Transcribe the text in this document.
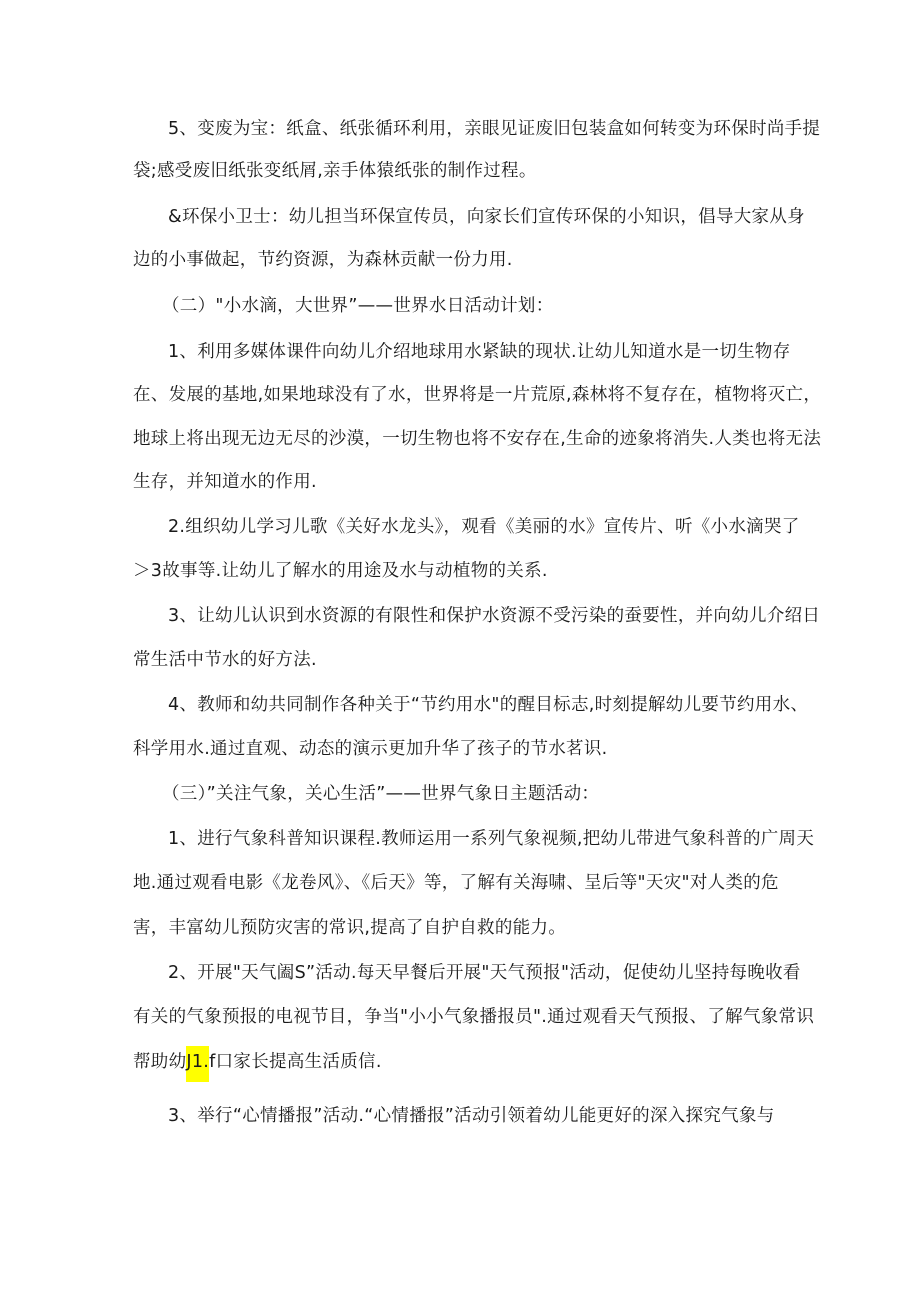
5、变废为宝：纸盒、纸张循环利用，亲眼见证废旧包装盒如何转变为环保时尚手提
袋;感受废旧纸张变纸屑,亲手体猿纸张的制作过程。
&环保小卫士：幼儿担当环保宣传员，向家长们宣传环保的小知识，倡导大家从身
边的小事做起，节约资源，为森林贡献一份力用.
（二）"小水滴，大世界”——世界水日活动计划：
1、利用多媒体课件向幼儿介绍地球用水紧缺的现状.让幼儿知道水是一切生物存
在、发展的基地,如果地球没有了水，世界将是一片荒原,森林将不复存在，植物将灭亡，
地球上将出现无边无尽的沙漠，一切生物也将不安存在,生命的迹象将消失.人类也将无法
生存，并知道水的作用.
2.组织幼儿学习儿歌《关好水龙头》，观看《美丽的水》宣传片、听《小水滴哭了
＞3故事等.让幼儿了解水的用途及水与动植物的关系.
3、让幼儿认识到水资源的有限性和保护水资源不受污染的蚕要性，并向幼儿介绍日
常生活中节水的好方法.
4、教师和幼共同制作各种关于“节约用水"的醒目标志,时刻提解幼儿要节约用水、
科学用水.通过直观、动态的演示更加升华了孩子的节水茗识.
（三）”关注气象，关心生活”——世界气象日主题活动：
1、进行气象科普知识课程.教师运用一系列气象视频,把幼儿带进气象科普的广周天
地.通过观看电影《龙卷风》、《后天》等，了解有关海啸、呈后等"天灾"对人类的危
害，丰富幼儿预防灾害的常识,提高了自护自救的能力。
2、开展"天气阖S”活动.每天早餐后开展"天气预报"活动，促使幼儿坚持每晚收看
有关的气象预报的电视节目，争当"小小气象播报员".通过观看天气预报、了解气象常识
帮助幼J1.f口家长提高生活质信.
3、举行“心情播报”活动.“心情播报”活动引领着幼儿能更好的深入探究气象与
